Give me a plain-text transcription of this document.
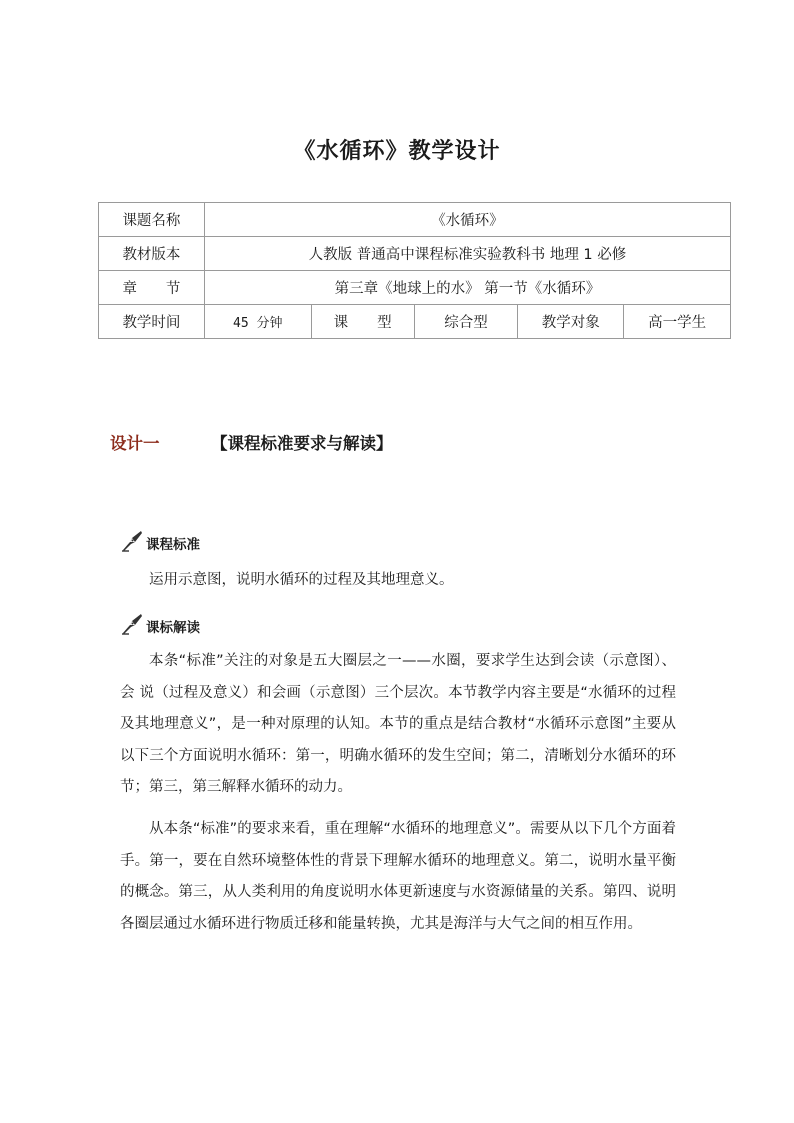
《水循环》教学设计
课题名称	《水循环》				
教材版本	人教版 普通高中课程标准实验教科书 地理 1 必修				
章　　节	第三章《地球上的水》 第一节《水循环》				
教学时间	45 分钟	课　　型	综合型	教学对象	高一学生
设计一	【课程标准要求与解读】
课程标准
运用示意图，说明水循环的过程及其地理意义。
课标解读
本条“标准”关注的对象是五大圈层之一——水圈，要求学生达到会读（示意图）、会 说（过程及意义）和会画（示意图）三个层次。本节教学内容主要是“水循环的过程及其地理意义”，是一种对原理的认知。本节的重点是结合教材“水循环示意图”主要从以下三个方面说明水循环：第一，明确水循环的发生空间；第二，清晰划分水循环的环节；第三，第三解释水循环的动力。
从本条“标准”的要求来看，重在理解“水循环的地理意义”。需要从以下几个方面着手。第一，要在自然环境整体性的背景下理解水循环的地理意义。第二，说明水量平衡的概念。第三，从人类利用的角度说明水体更新速度与水资源储量的关系。第四、说明各圈层通过水循环进行物质迁移和能量转换，尤其是海洋与大气之间的相互作用。
